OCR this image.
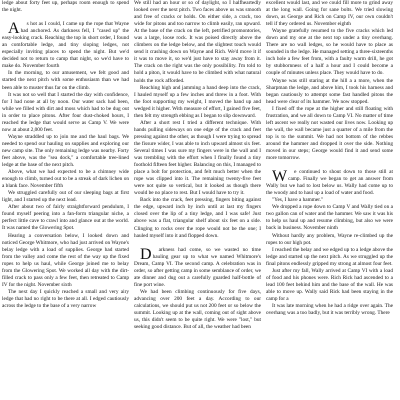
ledge about forty feet up, perhaps room enough to spend the night.

As hot as I could, I came up the rope that Wayne had anchored. As darkness fell, I "cased up" the easy-looking crack. Reaching the top in short order, I found an comfortable ledge, and tiny sloping ledges, not especially inviting places to spend the night. But we'd decided not to return to camp that night, so we'd have to make do. November fourth

In the morning, to our amusement, we felt good and started the next pitch with some enthusiasm than we had been able to muster thus far on the climb.

It was not so well that I started the day with confidence, for I had none at all by noon. Our water sack had been, while we filled with dirt and moss which had to be dug out in order to place pitons. After four dust-choked hours, I reached the ledge that would serve as Camp V. We were now at about 2,000 feet.

Wayne straddled up to join me and the haul bags. We needed to spend our hauling on supplies and exploring our new camp site. The only remaining ledge was nearby. Forty feet above, was the "sea dock," a comfortable tree-lined ledge at the base of the next pitch.

Above, what we had expected to be a chimney wide enough to climb, turned out to be a streak of dark lichen on a blank face. November fifth

We struggled carefully out of our sleeping bags at first light, and I started up the next lead.

After about two of fairly straightforward pendulum, I found myself peering into a fan-form triangular niche, a perfect little cave to crawl into and glance out at the world. It was named the Glowering Spot.

Hearing a conversation below, I looked down and noticed George Whitmore, who had just arrived on Wayne's belay ledge with a load of supplies. George had started from the valley and come the rest of the way up the fixed ropes to help us haul, while George joined me to belay from the Glowering Spot. We worked all day with the dirt-filled crack to pass only a few feet, then retreated to Camp IV for the night. November sixth

The next day I quickly reached a small and very airy ledge that had no right to be there at all. I edged cautiously across the ledge to the base of a very narrow

We still had an hour or so of daylight, so I halfheartedly looked over the next pitch. Two faces above us was smooth and free of cracks or holds. On either side, a crack, too wide for pitons and too narrow to climb easily, ran upward. At the base of the crack on the left, petrified promontories, was a large, loose rock. It was poised directly above the climbers on the ledge below, and the slightest touch would send it crashing down on Wayne and Rich. We'd move it if it was to move it, so we'd just have to stay away from it. The crack on the right was the only possibility. I'm told to hold a piton, it would have to be climbed with what natural holds the rock afforded.

Reaching high and jamming a hand deep into the crack, I hauled myself up a few inches and threw in a foot. With the foot supporting my weight, I moved the hand up and wedged it higher. With measure of effort, I gained five feet, then felt my strength ebbing as I began to slip downward.

After a short rest I tried a different technique. With hands pulling sideways on one edge of the crack and feet pressing against the other, as though I were trying to spread the fissure wider, I was able to inch upward almost six feet. Several times I was sure my fingers were in the wall and I was trembling with the effort when I finally found a tiny foothold fifteen feet higher. Balancing on this, I managed to place a bolt for protection, and felt much better when the rope was clipped into it. The remaining twenty-five feet were not quite so vertical, but it looked as though there would be no place to rest. But I would have to try it.

Back into the crack, feet pressing, fingers biting against the edge, upward inch by inch until at last my fingers closed over the lip of a tiny ledge, and I was safe! Just above was a flat, triangular shelf about six feet on a side. Clinging to rocks over the rope would not be the one; I hauled myself into it and flopped down.

Darkness had come, so we wasted no time hauling gear up to what we named Whitmore's Dream, Camp VI. The second camp. A celebration was in order, so after getting camp in some semblance of order, we ate dinner and dug out a carefully guarded half-bottle of fine port wine.

We had been climbing continuously for five days, advancing over 200 feet a day. According to our calculations, we should put us not 200 feet or so below the summit. Looking up at the wall, coming out of sight above us, this didn't seem to be quite right. We were "lost," but seeking good distance. But of all, the weather had been

excellent would last, and we could fill more to grind away at the long wall. Going for sane bolts. We tried slowing down, as George and Rich on Camp IV, our own couldn't tell if they ordered us. November eighth

Wayne gratefully resumed to the five cracks which led down and my one at the next top under a tiny overhang. There are no wall ledges, so he would have to place as sounded in the ledge. He managed setting a three-sixteenths inch hole a few feet from, with a faulty warm drill, he got by stubbornness of a half a hour and I could become a couple of minutes unless place. They would have to do.

Wayne was still staring at the hill a a more, when the Sharpman the ledge, and above him, I took his harness and began cautiously to attempt some fast handled pitons the head were clear of its hammer. We now stopped.

I fixed off the rope at the higher and still floating with frustration, and we all down to Camp VI. No matter of time left ascent we really not wasted our lives now. Looking up the wall, the wall became just a quarter of a mile from the top is to the summit. We had not bottom of the rebbes around the hammer and dropped it over the side. Nothing moved in our steps; George would find it and send some more tomorrow.

We continued to shout down to those still at camp. Finally we began to get an answer from Wally but we had to lost below us. Wally had come up to the woody and to haul up a load of water and food.

"Yes, I have a hammer."

We dropped a rope down to Camp V and Wally tied on a two gallon can of water and the hammer. We saw it was his to help us haul up and resume climbing, but also we were back in business. November ninth

Without hardly any problem, Wayne re-climbed up the ropes to our high pot.

I reached the belay and we edged up to a ledge above the ledge and started up the next pitch. As we struggled up the final pitons endlessly gripped my strong at almost four feet.

Just after my fall, Wally arrived at Camp VI with a load of food and his phones were. Rich Rick had ascended to a lead 100 feet behind him and the base of the wall. He was able to move up. Wally said Rick had been staying in the camp for a

It was late morning when he had a ridge over again. The overhang was a too badly, but it was terribly wrong. There
